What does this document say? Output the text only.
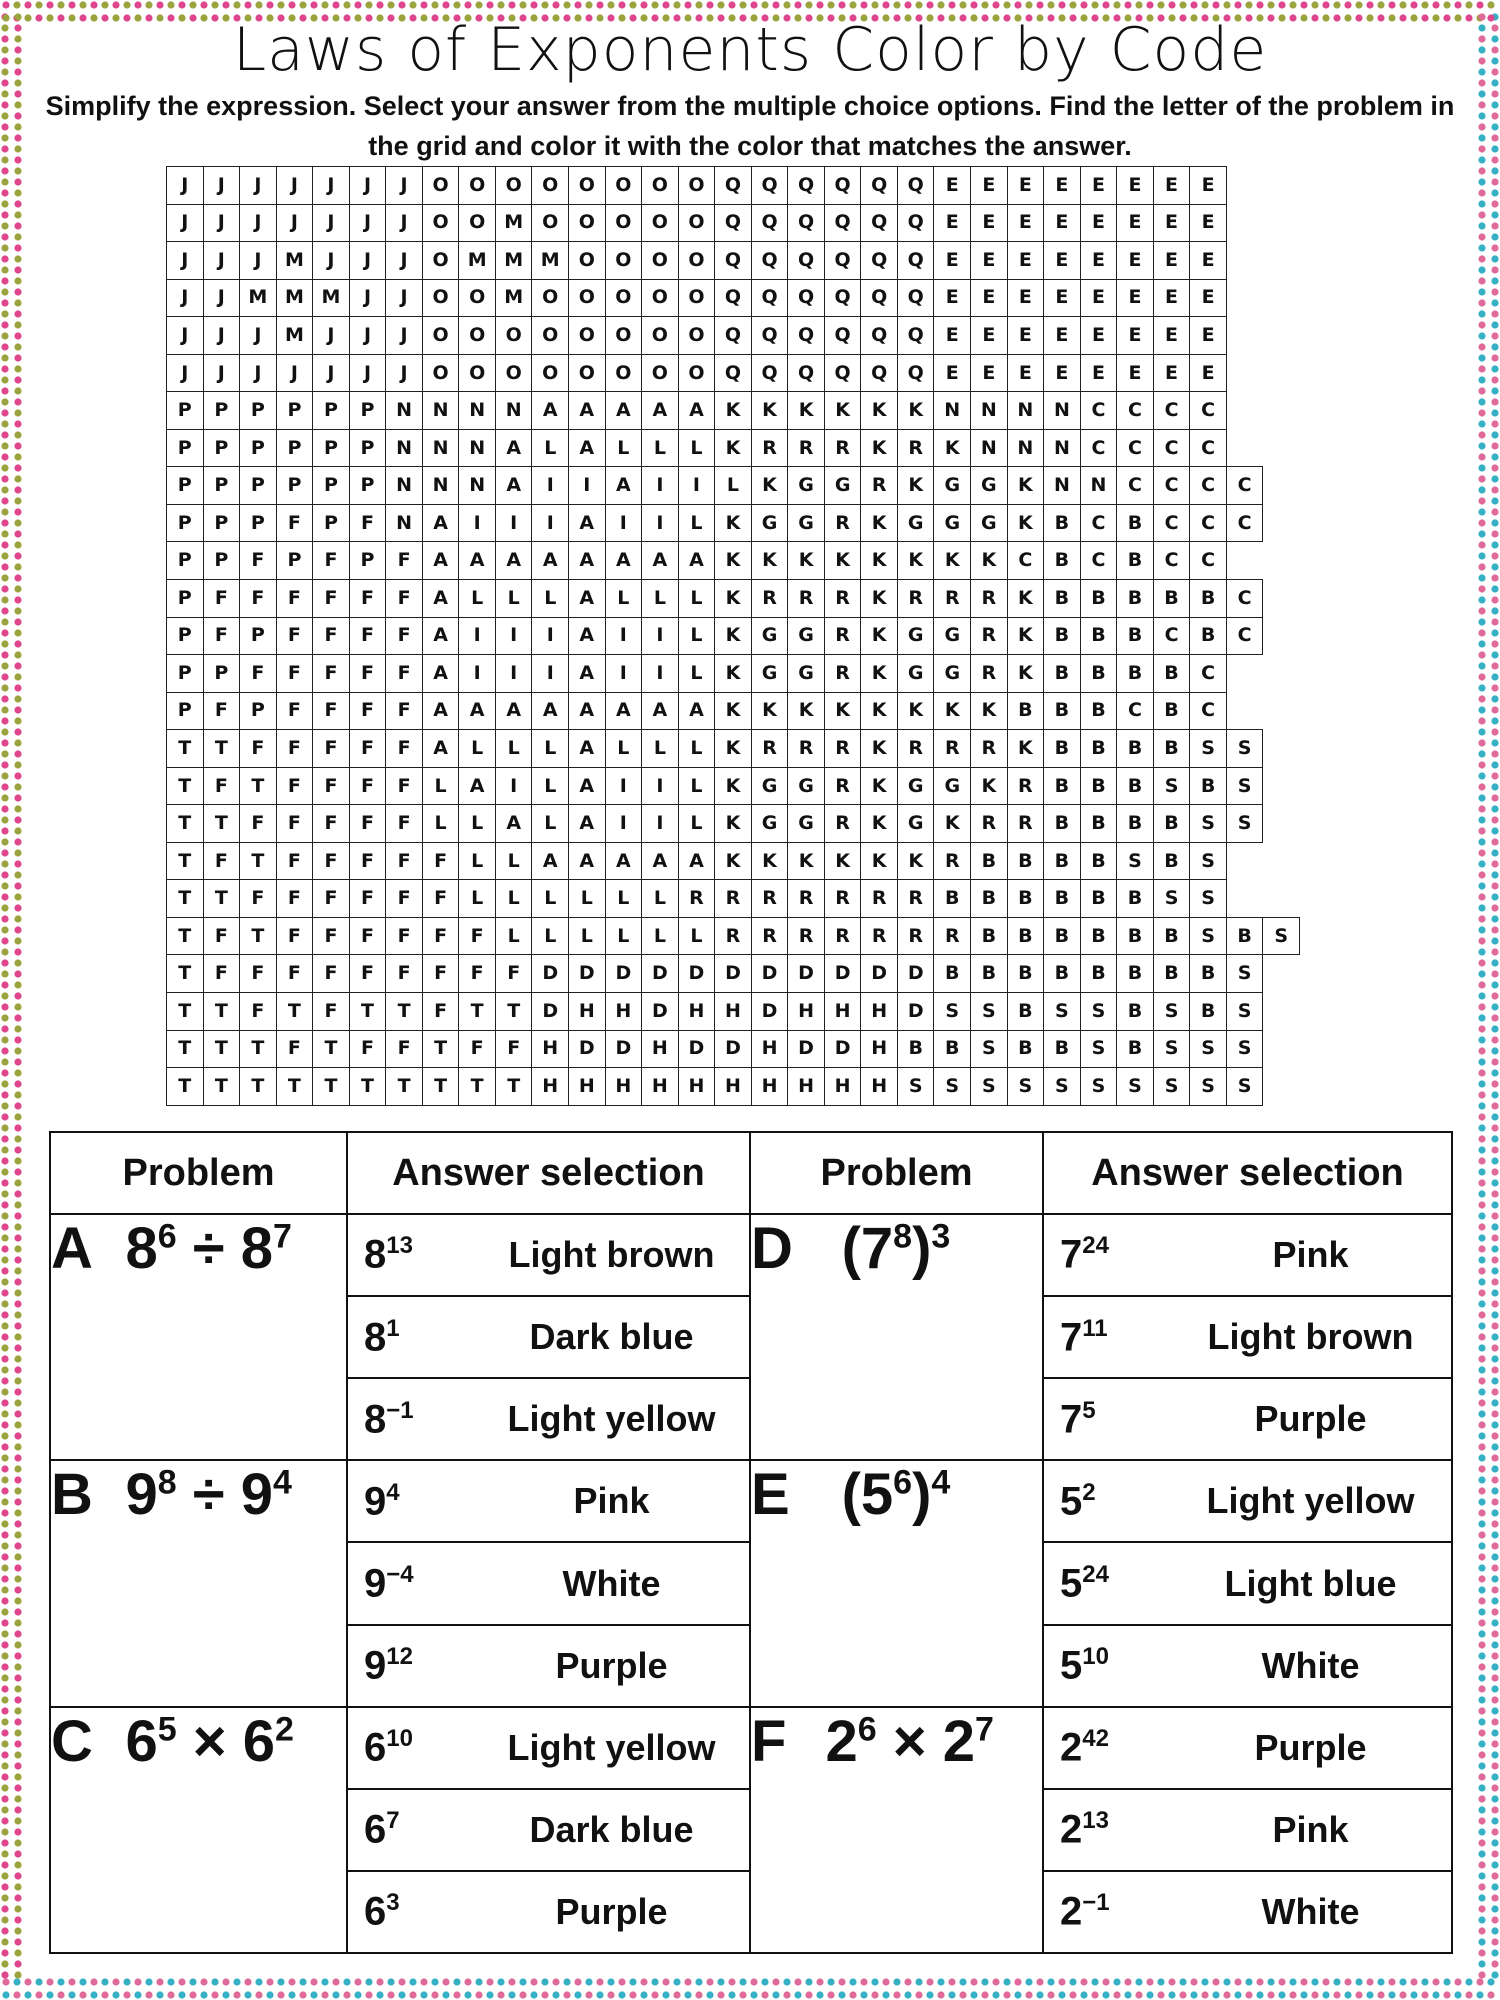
Laws of Exponents Color by Code
Simplify the expression. Select your answer from the multiple choice options. Find the letter of the problem in the grid and color it with the color that matches the answer.
J	J	J	J	J	J	J	O	O	O	O	O	O	O	O	Q	Q	Q	Q	Q	Q	E	E	E	E	E	E	E	E		
J	J	J	J	J	J	J	O	O	M	O	O	O	O	O	Q	Q	Q	Q	Q	Q	E	E	E	E	E	E	E	E		
J	J	J	M	J	J	J	O	M	M	M	O	O	O	O	Q	Q	Q	Q	Q	Q	E	E	E	E	E	E	E	E		
J	J	M	M	M	J	J	O	O	M	O	O	O	O	O	Q	Q	Q	Q	Q	Q	E	E	E	E	E	E	E	E		
J	J	J	M	J	J	J	O	O	O	O	O	O	O	O	Q	Q	Q	Q	Q	Q	E	E	E	E	E	E	E	E		
J	J	J	J	J	J	J	O	O	O	O	O	O	O	O	Q	Q	Q	Q	Q	Q	E	E	E	E	E	E	E	E		
P	P	P	P	P	P	N	N	N	N	A	A	A	A	A	K	K	K	K	K	K	N	N	N	N	C	C	C	C		
P	P	P	P	P	P	N	N	N	A	L	A	L	L	L	K	R	R	R	K	R	K	N	N	N	C	C	C	C		
P	P	P	P	P	P	N	N	N	A	I	I	A	I	I	L	K	G	G	R	K	G	G	K	N	N	C	C	C	C	
P	P	P	F	P	F	N	A	I	I	I	A	I	I	L	K	G	G	R	K	G	G	G	K	B	C	B	C	C	C	
P	P	F	P	F	P	F	A	A	A	A	A	A	A	A	K	K	K	K	K	K	K	K	C	B	C	B	C	C		
P	F	F	F	F	F	F	A	L	L	L	A	L	L	L	K	R	R	R	K	R	R	R	K	B	B	B	B	B	C	
P	F	P	F	F	F	F	A	I	I	I	A	I	I	L	K	G	G	R	K	G	G	R	K	B	B	B	C	B	C	
P	P	F	F	F	F	F	A	I	I	I	A	I	I	L	K	G	G	R	K	G	G	R	K	B	B	B	B	C		
P	F	P	F	F	F	F	A	A	A	A	A	A	A	A	K	K	K	K	K	K	K	K	B	B	B	C	B	C		
T	T	F	F	F	F	F	A	L	L	L	A	L	L	L	K	R	R	R	K	R	R	R	K	B	B	B	B	S	S	
T	F	T	F	F	F	F	L	A	I	L	A	I	I	L	K	G	G	R	K	G	G	K	R	B	B	B	S	B	S	
T	T	F	F	F	F	F	L	L	A	L	A	I	I	L	K	G	G	R	K	G	K	R	R	B	B	B	B	S	S	
T	F	T	F	F	F	F	F	L	L	A	A	A	A	A	K	K	K	K	K	K	R	B	B	B	B	S	B	S		
T	T	F	F	F	F	F	F	L	L	L	L	L	L	R	R	R	R	R	R	R	B	B	B	B	B	B	S	S		
T	F	T	F	F	F	F	F	F	L	L	L	L	L	L	R	R	R	R	R	R	R	B	B	B	B	B	B	S	B	S
T	F	F	F	F	F	F	F	F	F	D	D	D	D	D	D	D	D	D	D	D	B	B	B	B	B	B	B	B	S	
T	T	F	T	F	T	T	F	T	T	D	H	H	D	H	H	D	H	H	H	D	S	S	B	S	S	B	S	B	S	
T	T	T	F	T	F	F	T	F	F	H	D	D	H	D	D	H	D	D	H	B	B	S	B	B	S	B	S	S	S	
T	T	T	T	T	T	T	T	T	T	H	H	H	H	H	H	H	H	H	H	S	S	S	S	S	S	S	S	S	S	
Problem	Answer selection	Problem	Answer selection
A $8^6 \div 8^7$	$8^{13}$ Light brown	D $(7^8)^3$	$7^{24}$ Pink

	$8^1$ Dark blue		$7^{11}$ Light brown

	$8^{-1}$ Light yellow		$7^5$ Purple

B $9^8 \div 9^4$	$9^4$ Pink	E $(5^6)^4$	$5^2$ Light yellow

	$9^{-4}$ White		$5^{24}$ Light blue

	$9^{12}$ Purple		$5^{10}$ White

C $6^5 \times 6^2$	$6^{10}$ Light yellow	F $2^6 \times 2^7$	$2^{42}$ Purple

	$6^7$ Dark blue		$2^{13}$ Pink

	$6^3$ Purple		$2^{-1}$ White
